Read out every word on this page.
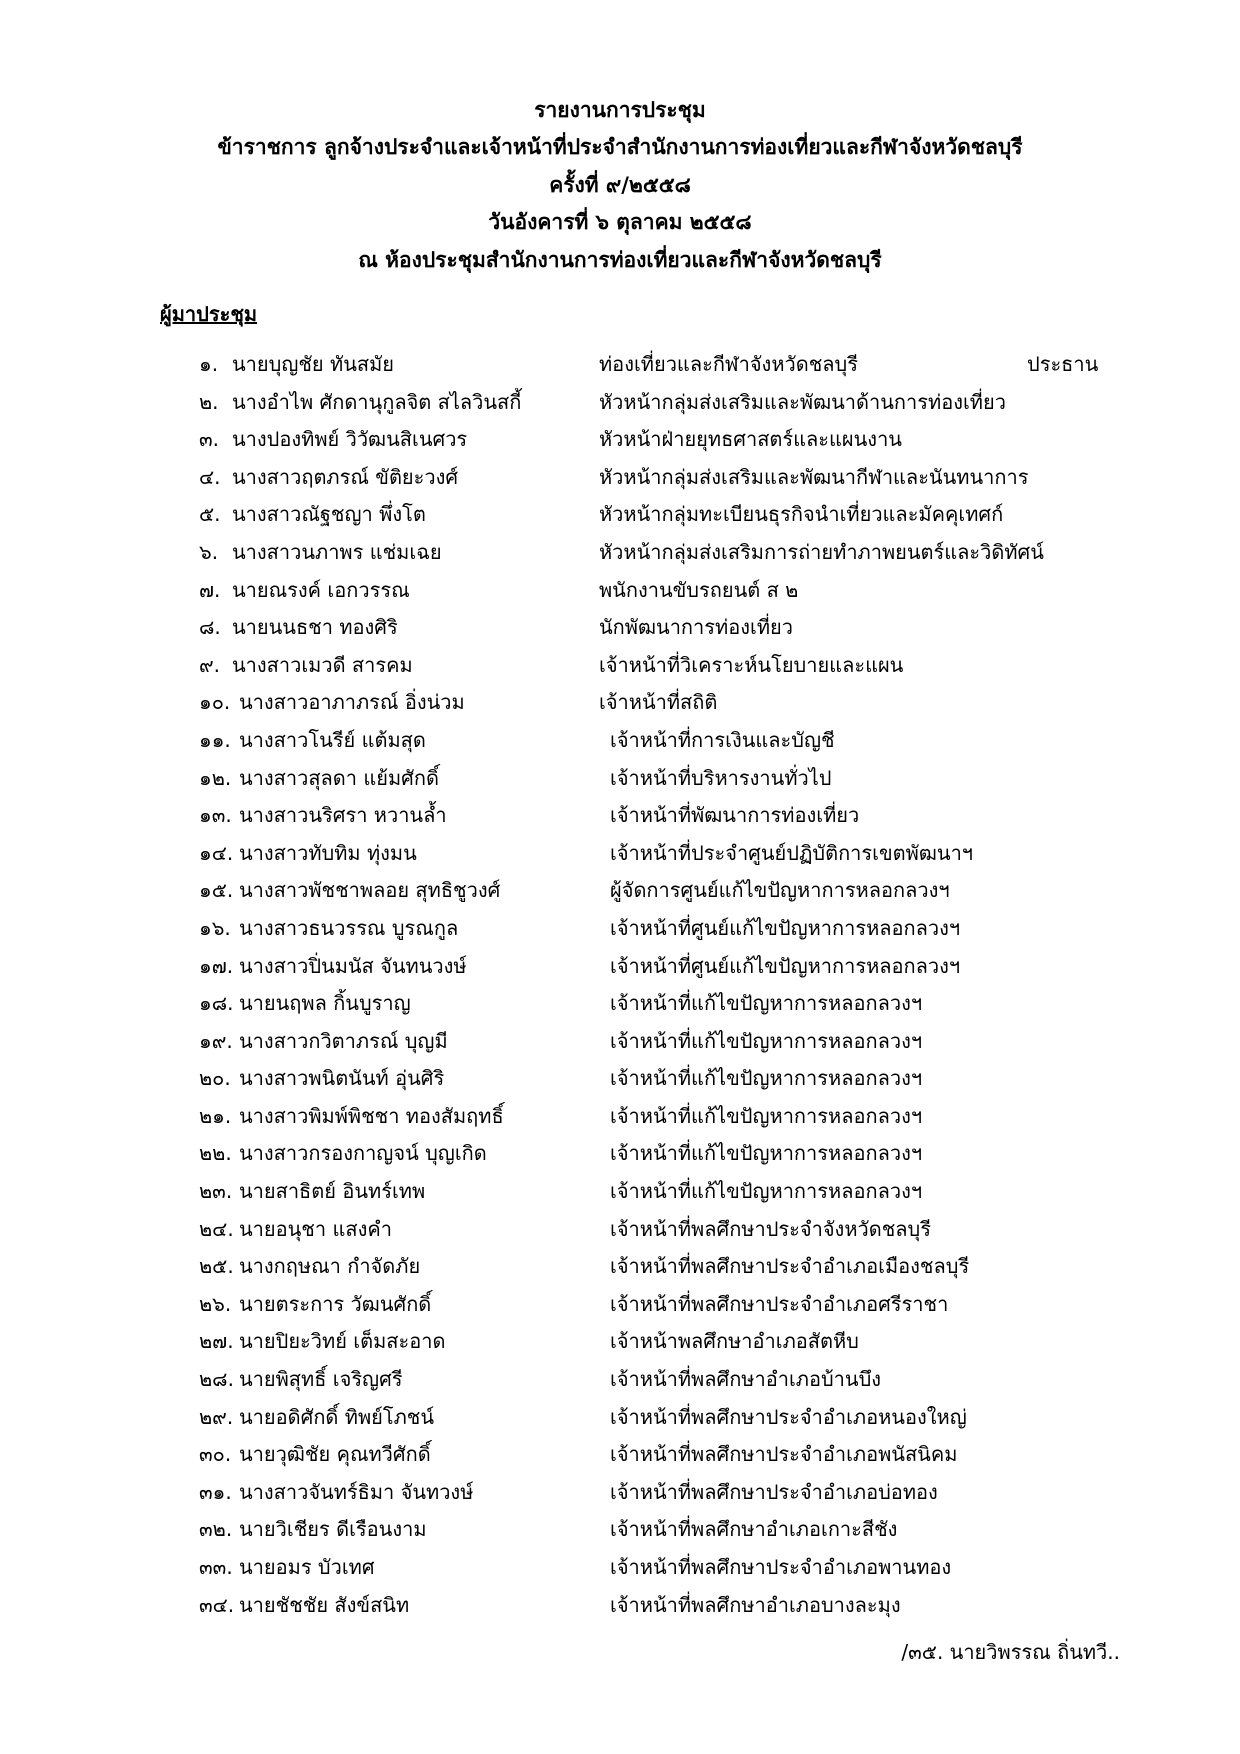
รายงานการประชุม
ข้าราชการ ลูกจ้างประจำและเจ้าหน้าที่ประจำสำนักงานการท่องเที่ยวและกีฬาจังหวัดชลบุรี
ครั้งที่ ๙/๒๕๕๘
วันอังคารที่ ๖ ตุลาคม ๒๕๕๘
ณ ห้องประชุมสำนักงานการท่องเที่ยวและกีฬาจังหวัดชลบุรี
ผู้มาประชุม
๑. นายบุญชัย ทันสมัย	ท่องเที่ยวและกีฬาจังหวัดชลบุรี	ประธาน
๒. นางอำไพ ศักดานุกูลจิต สไลวินสกี้	หัวหน้ากลุ่มส่งเสริมและพัฒนาด้านการท่องเที่ยว
๓. นางปองทิพย์ วิวัฒนสิเนศวร	หัวหน้าฝ่ายยุทธศาสตร์และแผนงาน
๔. นางสาวฤตภรณ์ ขัติยะวงศ์	หัวหน้ากลุ่มส่งเสริมและพัฒนากีฬาและนันทนาการ
๕. นางสาวณัฐชญา พึ่งโต	หัวหน้ากลุ่มทะเบียนธุรกิจนำเที่ยวและมัคคุเทศก์
๖. นางสาวนภาพร แช่มเฉย	หัวหน้ากลุ่มส่งเสริมการถ่ายทำภาพยนตร์และวิดิทัศน์
๗. นายณรงค์ เอกวรรณ	พนักงานขับรถยนต์ ส ๒
๘. นายนนธชา ทองศิริ	นักพัฒนาการท่องเที่ยว
๙. นางสาวเมวดี สารคม	เจ้าหน้าที่วิเคราะห์นโยบายและแผน
๑๐. นางสาวอาภาภรณ์ อิ่งน่วม	เจ้าหน้าที่สถิติ
๑๑. นางสาวโนรีย์ แต้มสุด	เจ้าหน้าที่การเงินและบัญชี
๑๒. นางสาวสุลดา แย้มศักดิ์	เจ้าหน้าที่บริหารงานทั่วไป
๑๓. นางสาวนริศรา หวานล้ำ	เจ้าหน้าที่พัฒนาการท่องเที่ยว
๑๔. นางสาวทับทิม ทุ่งมน	เจ้าหน้าที่ประจำศูนย์ปฏิบัติการเขตพัฒนาฯ
๑๕. นางสาวพัชชาพลอย สุทธิชูวงศ์	ผู้จัดการศูนย์แก้ไขปัญหาการหลอกลวงฯ
๑๖. นางสาวธนวรรณ บูรณกูล	เจ้าหน้าที่ศูนย์แก้ไขปัญหาการหลอกลวงฯ
๑๗. นางสาวปิ่นมนัส จันทนวงษ์	เจ้าหน้าที่ศูนย์แก้ไขปัญหาการหลอกลวงฯ
๑๘. นายนฤพล กิ้นบูราญ	เจ้าหน้าที่แก้ไขปัญหาการหลอกลวงฯ
๑๙. นางสาวกวิตาภรณ์ บุญมี	เจ้าหน้าที่แก้ไขปัญหาการหลอกลวงฯ
๒๐. นางสาวพนิตนันท์ อุ่นศิริ	เจ้าหน้าที่แก้ไขปัญหาการหลอกลวงฯ
๒๑. นางสาวพิมพ์พิชชา ทองสัมฤทธิ์	เจ้าหน้าที่แก้ไขปัญหาการหลอกลวงฯ
๒๒. นางสาวกรองกาญจน์ บุญเกิด	เจ้าหน้าที่แก้ไขปัญหาการหลอกลวงฯ
๒๓. นายสาธิตย์ อินทร์เทพ	เจ้าหน้าที่แก้ไขปัญหาการหลอกลวงฯ
๒๔. นายอนุชา แสงคำ	เจ้าหน้าที่พลศึกษาประจำจังหวัดชลบุรี
๒๕. นางกฤษณา กำจัดภัย	เจ้าหน้าที่พลศึกษาประจำอำเภอเมืองชลบุรี
๒๖. นายตระการ วัฒนศักดิ์	เจ้าหน้าที่พลศึกษาประจำอำเภอศรีราชา
๒๗. นายปิยะวิทย์ เต็มสะอาด	เจ้าหน้าพลศึกษาอำเภอสัตหีบ
๒๘. นายพิสุทธิ์ เจริญศรี	เจ้าหน้าที่พลศึกษาอำเภอบ้านบึง
๒๙. นายอดิศักดิ์ ทิพย์โภชน์	เจ้าหน้าที่พลศึกษาประจำอำเภอหนองใหญ่
๓๐. นายวุฒิชัย คุณทวีศักดิ์	เจ้าหน้าที่พลศึกษาประจำอำเภอพนัสนิคม
๓๑. นางสาวจันทร์ธิมา จันทวงษ์	เจ้าหน้าที่พลศึกษาประจำอำเภอบ่อทอง
๓๒. นายวิเชียร ดีเรือนงาม	เจ้าหน้าที่พลศึกษาอำเภอเกาะสีชัง
๓๓. นายอมร บัวเทศ	เจ้าหน้าที่พลศึกษาประจำอำเภอพานทอง
๓๔. นายชัชชัย สังข์สนิท	เจ้าหน้าที่พลศึกษาอำเภอบางละมุง
/๓๕. นายวิพรรณ ถิ่นทวี..
